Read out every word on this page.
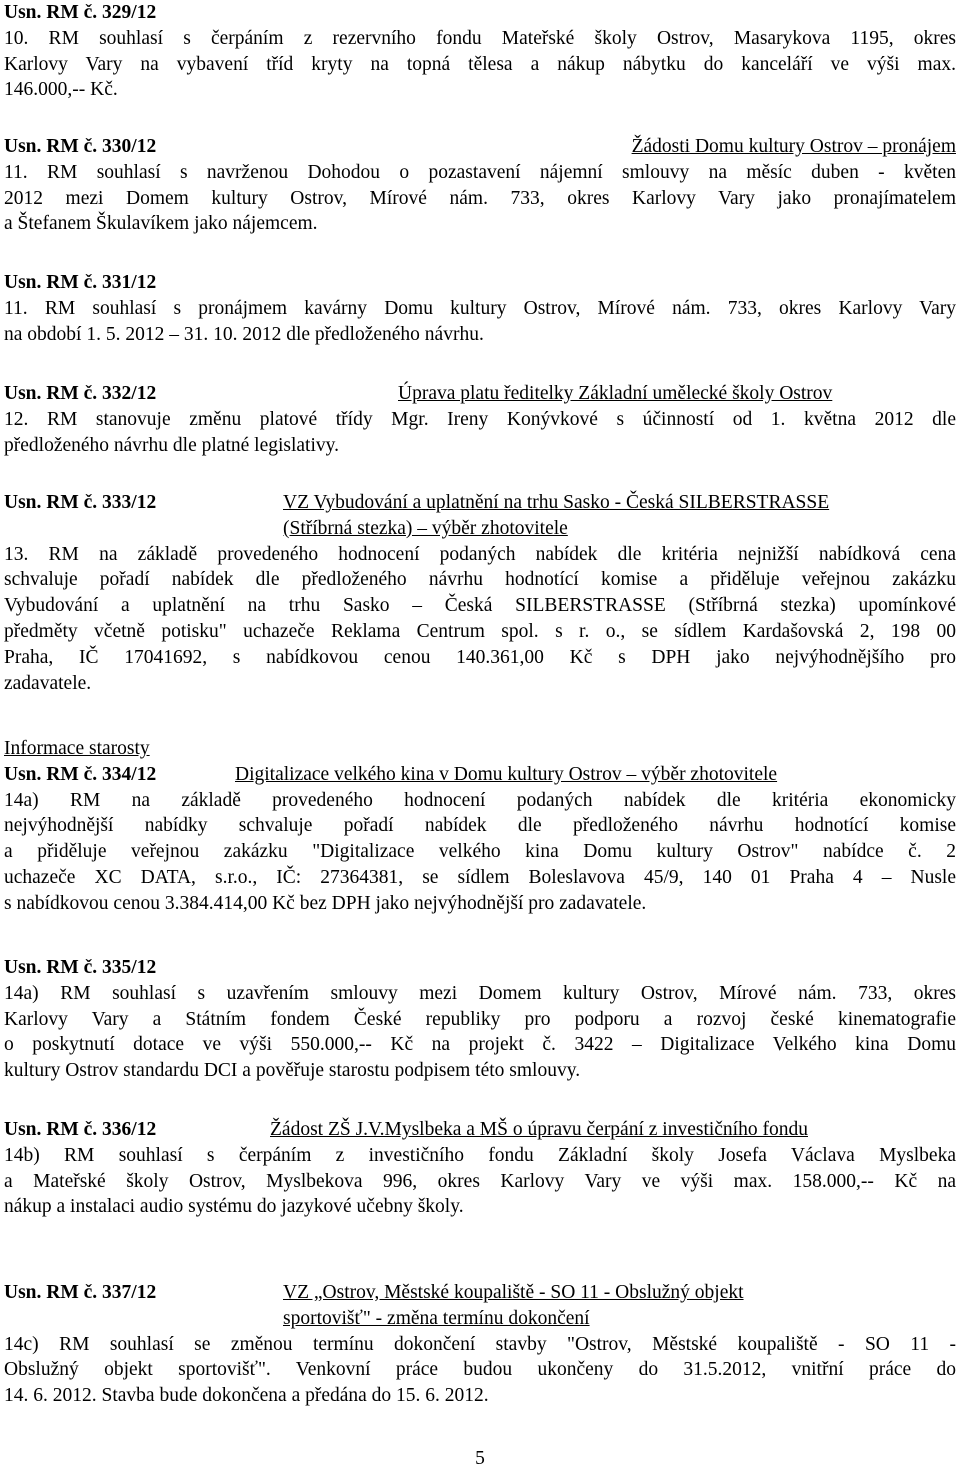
Usn. RM č. 329/12
10. RM souhlasí s čerpáním z rezervního fondu Mateřské školy Ostrov, Masarykova 1195, okres
Karlovy Vary na vybavení tříd kryty na topná tělesa a nákup nábytku do kanceláří ve výši max.
146.000,-- Kč.
Usn. RM č. 330/12	Žádosti Domu kultury Ostrov – pronájem
11. RM souhlasí s navrženou Dohodou o pozastavení nájemní smlouvy na měsíc duben - květen
2012 mezi Domem kultury Ostrov, Mírové nám. 733, okres Karlovy Vary jako pronajímatelem
a Štefanem Škulavíkem jako nájemcem.
Usn. RM č. 331/12
11. RM souhlasí s pronájmem kavárny Domu kultury Ostrov, Mírové nám. 733, okres Karlovy Vary
na období 1. 5. 2012 – 31. 10. 2012 dle předloženého návrhu.
Usn. RM č. 332/12	Úprava platu ředitelky Základní umělecké školy Ostrov
12. RM stanovuje změnu platové třídy Mgr. Ireny Konývkové s účinností od 1. května 2012 dle
předloženého návrhu dle platné legislativy.
Usn. RM č. 333/12	VZ Vybudování a uplatnění na trhu Sasko - Česká SILBERSTRASSE
(Stříbrná stezka) – výběr zhotovitele
13. RM na základě provedeného hodnocení podaných nabídek dle kritéria nejnižší nabídková cena
schvaluje pořadí nabídek dle předloženého návrhu hodnotící komise a přiděluje veřejnou zakázku
Vybudování a uplatnění na trhu Sasko – Česká SILBERSTRASSE (Stříbrná stezka) upomínkové
předměty včetně potisku" uchazeče Reklama Centrum spol. s r. o., se sídlem Kardašovská 2, 198 00
Praha, IČ 17041692, s nabídkovou cenou 140.361,00 Kč s DPH jako nejvýhodnějšího pro
zadavatele.
Informace starosty
Usn. RM č. 334/12	Digitalizace velkého kina v Domu kultury Ostrov – výběr zhotovitele
14a) RM na základě provedeného hodnocení podaných nabídek dle kritéria ekonomicky
nejvýhodnější nabídky schvaluje pořadí nabídek dle předloženého návrhu hodnotící komise
a přiděluje veřejnou zakázku "Digitalizace velkého kina Domu kultury Ostrov" nabídce č. 2
uchazeče XC DATA, s.r.o., IČ: 27364381, se sídlem Boleslavova 45/9, 140 01 Praha 4 – Nusle
s nabídkovou cenou 3.384.414,00 Kč bez DPH jako nejvýhodnější pro zadavatele.
Usn. RM č. 335/12
14a) RM souhlasí s uzavřením smlouvy mezi Domem kultury Ostrov, Mírové nám. 733, okres
Karlovy Vary a Státním fondem České republiky pro podporu a rozvoj české kinematografie
o poskytnutí dotace ve výši 550.000,-- Kč na projekt č. 3422 – Digitalizace Velkého kina Domu
kultury Ostrov standardu DCI a pověřuje starostu podpisem této smlouvy.
Usn. RM č. 336/12	Žádost ZŠ J.V.Myslbeka a MŠ o úpravu čerpání z investičního fondu
14b) RM souhlasí s čerpáním z investičního fondu Základní školy Josefa Václava Myslbeka
a Mateřské školy Ostrov, Myslbekova 996, okres Karlovy Vary ve výši max. 158.000,-- Kč na
nákup a instalaci audio systému do jazykové učebny školy.
Usn. RM č. 337/12	VZ „Ostrov, Městské koupaliště - SO 11 - Obslužný objekt
sportovišť" - změna termínu dokončení
14c) RM souhlasí se změnou termínu dokončení stavby "Ostrov, Městské koupaliště - SO 11 -
Obslužný objekt sportovišť". Venkovní práce budou ukončeny do 31.5.2012, vnitřní práce do
14. 6. 2012. Stavba bude dokončena a předána do 15. 6. 2012.
5
